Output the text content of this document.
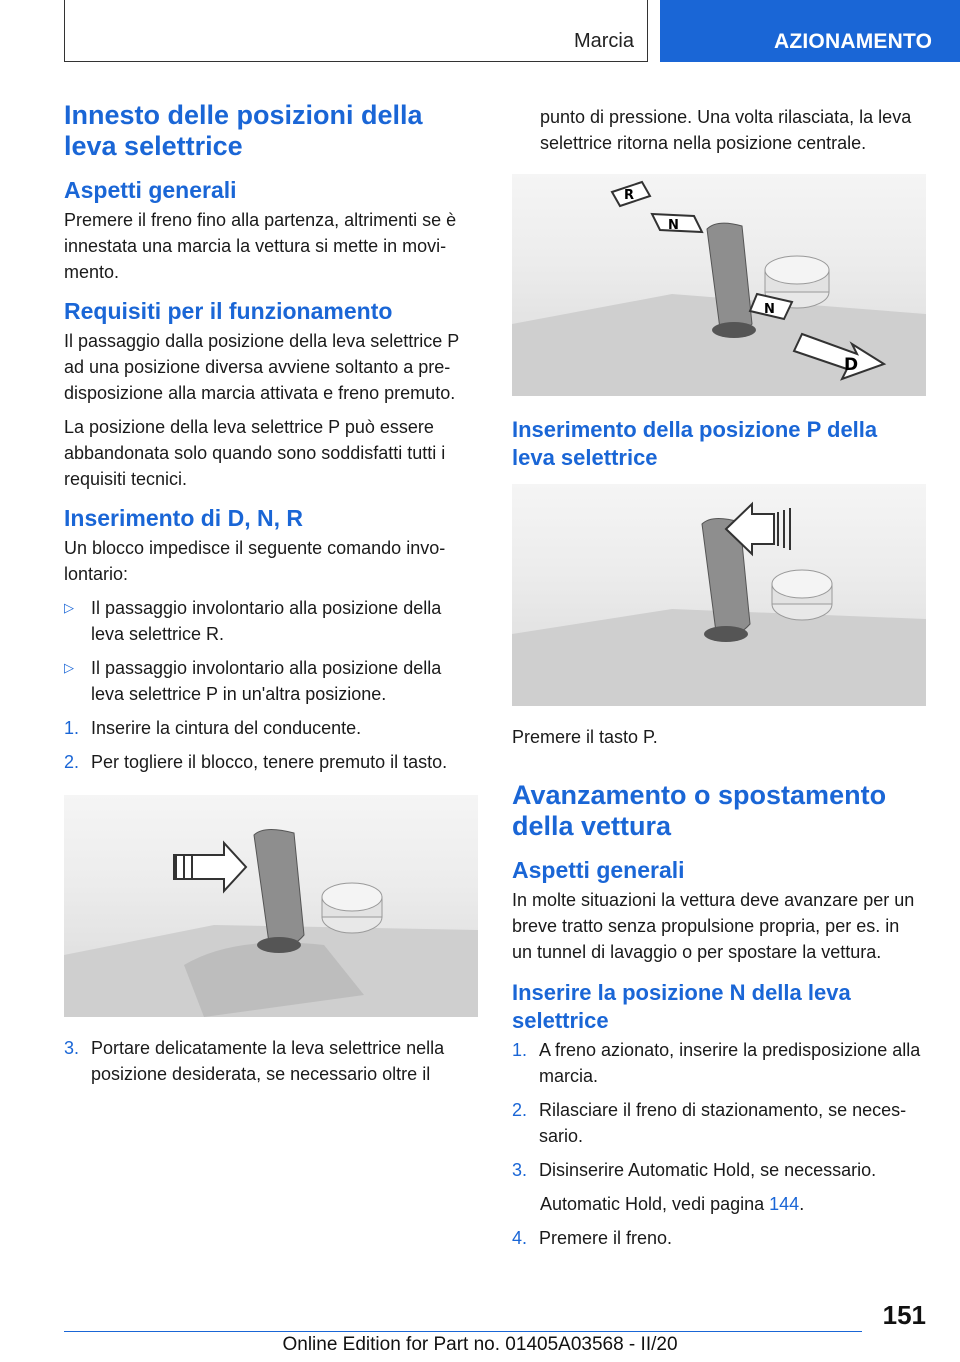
Marcia	AZIONAMENTO
Innesto delle posizioni della leva selettrice
Aspetti generali

Premere il freno fino alla partenza, altrimenti se è innestata una marcia la vettura si mette in movi-mento.

Requisiti per il funzionamento

Il passaggio dalla posizione della leva selettrice P ad una posizione diversa avviene soltanto a pre-disposizione alla marcia attivata e freno premuto.

La posizione della leva selettrice P può essere abbandonata solo quando sono soddisfatti tutti i requisiti tecnici.

Inserimento di D, N, R

Un blocco impedisce il seguente comando invo-lontario:

▷ Il passaggio involontario alla posizione della leva selettrice R.
▷ Il passaggio involontario alla posizione della leva selettrice P in un'altra posizione.
1. Inserire la cintura del conducente.
2. Per togliere il blocco, tenere premuto il tasto.
3. Portare delicatamente la leva selettrice nella posizione desiderata, se necessario oltre il

punto di pressione. Una volta rilasciata, la leva selettrice ritorna nella posizione centrale.

R
N
N
D
Inserimento della posizione P della leva selettrice

Premere il tasto P.

Avanzamento o spostamento della vettura
Aspetti generali

In molte situazioni la vettura deve avanzare per un breve tratto senza propulsione propria, per es. in un tunnel di lavaggio o per spostare la vettura.

Inserire la posizione N della leva selettrice
1. A freno azionato, inserire la predisposizione alla marcia.
2. Rilasciare il freno di stazionamento, se neces-sario.
3. Disinserire Automatic Hold, se necessario.

Automatic Hold, vedi pagina 144.

4. Premere il freno.
151
Online Edition for Part no. 01405A03568 - II/20
